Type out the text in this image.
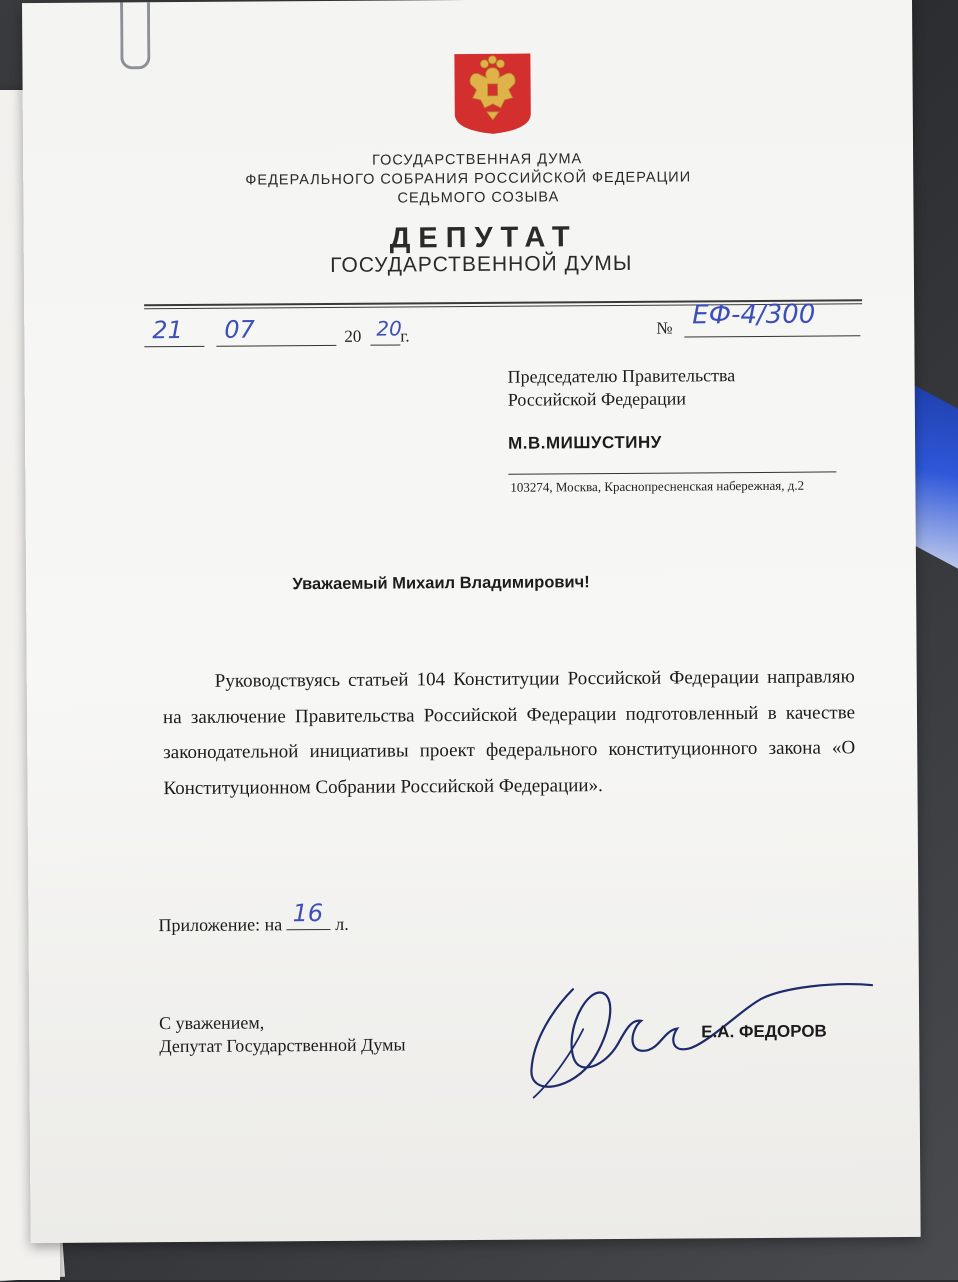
ГОСУДАРСТВЕННАЯ ДУМА
ФЕДЕРАЛЬНОГО СОБРАНИЯ РОССИЙСКОЙ ФЕДЕРАЦИИ
СЕДЬМОГО СОЗЫВА
ДЕПУТАТ
ГОСУДАРСТВЕННОЙ ДУМЫ
21 07	20 20
г.	№ ЕФ-4/300
Председателю Правительства
Российской Федерации
М.В.МИШУСТИНУ
103274, Москва, Краснопресненская набережная, д.2
Уважаемый Михаил Владимирович!
Руководствуясь статьей 104 Конституции Российской Федерации направляю на заключение Правительства Российской Федерации подготовленный в качестве законодательной инициативы проект федерального конституционного закона «О Конституционном Собрании Российской Федерации».
Приложение: на 16 л.
С уважением,
Депутат Государственной Думы
Е.А. ФЕДОРОВ
